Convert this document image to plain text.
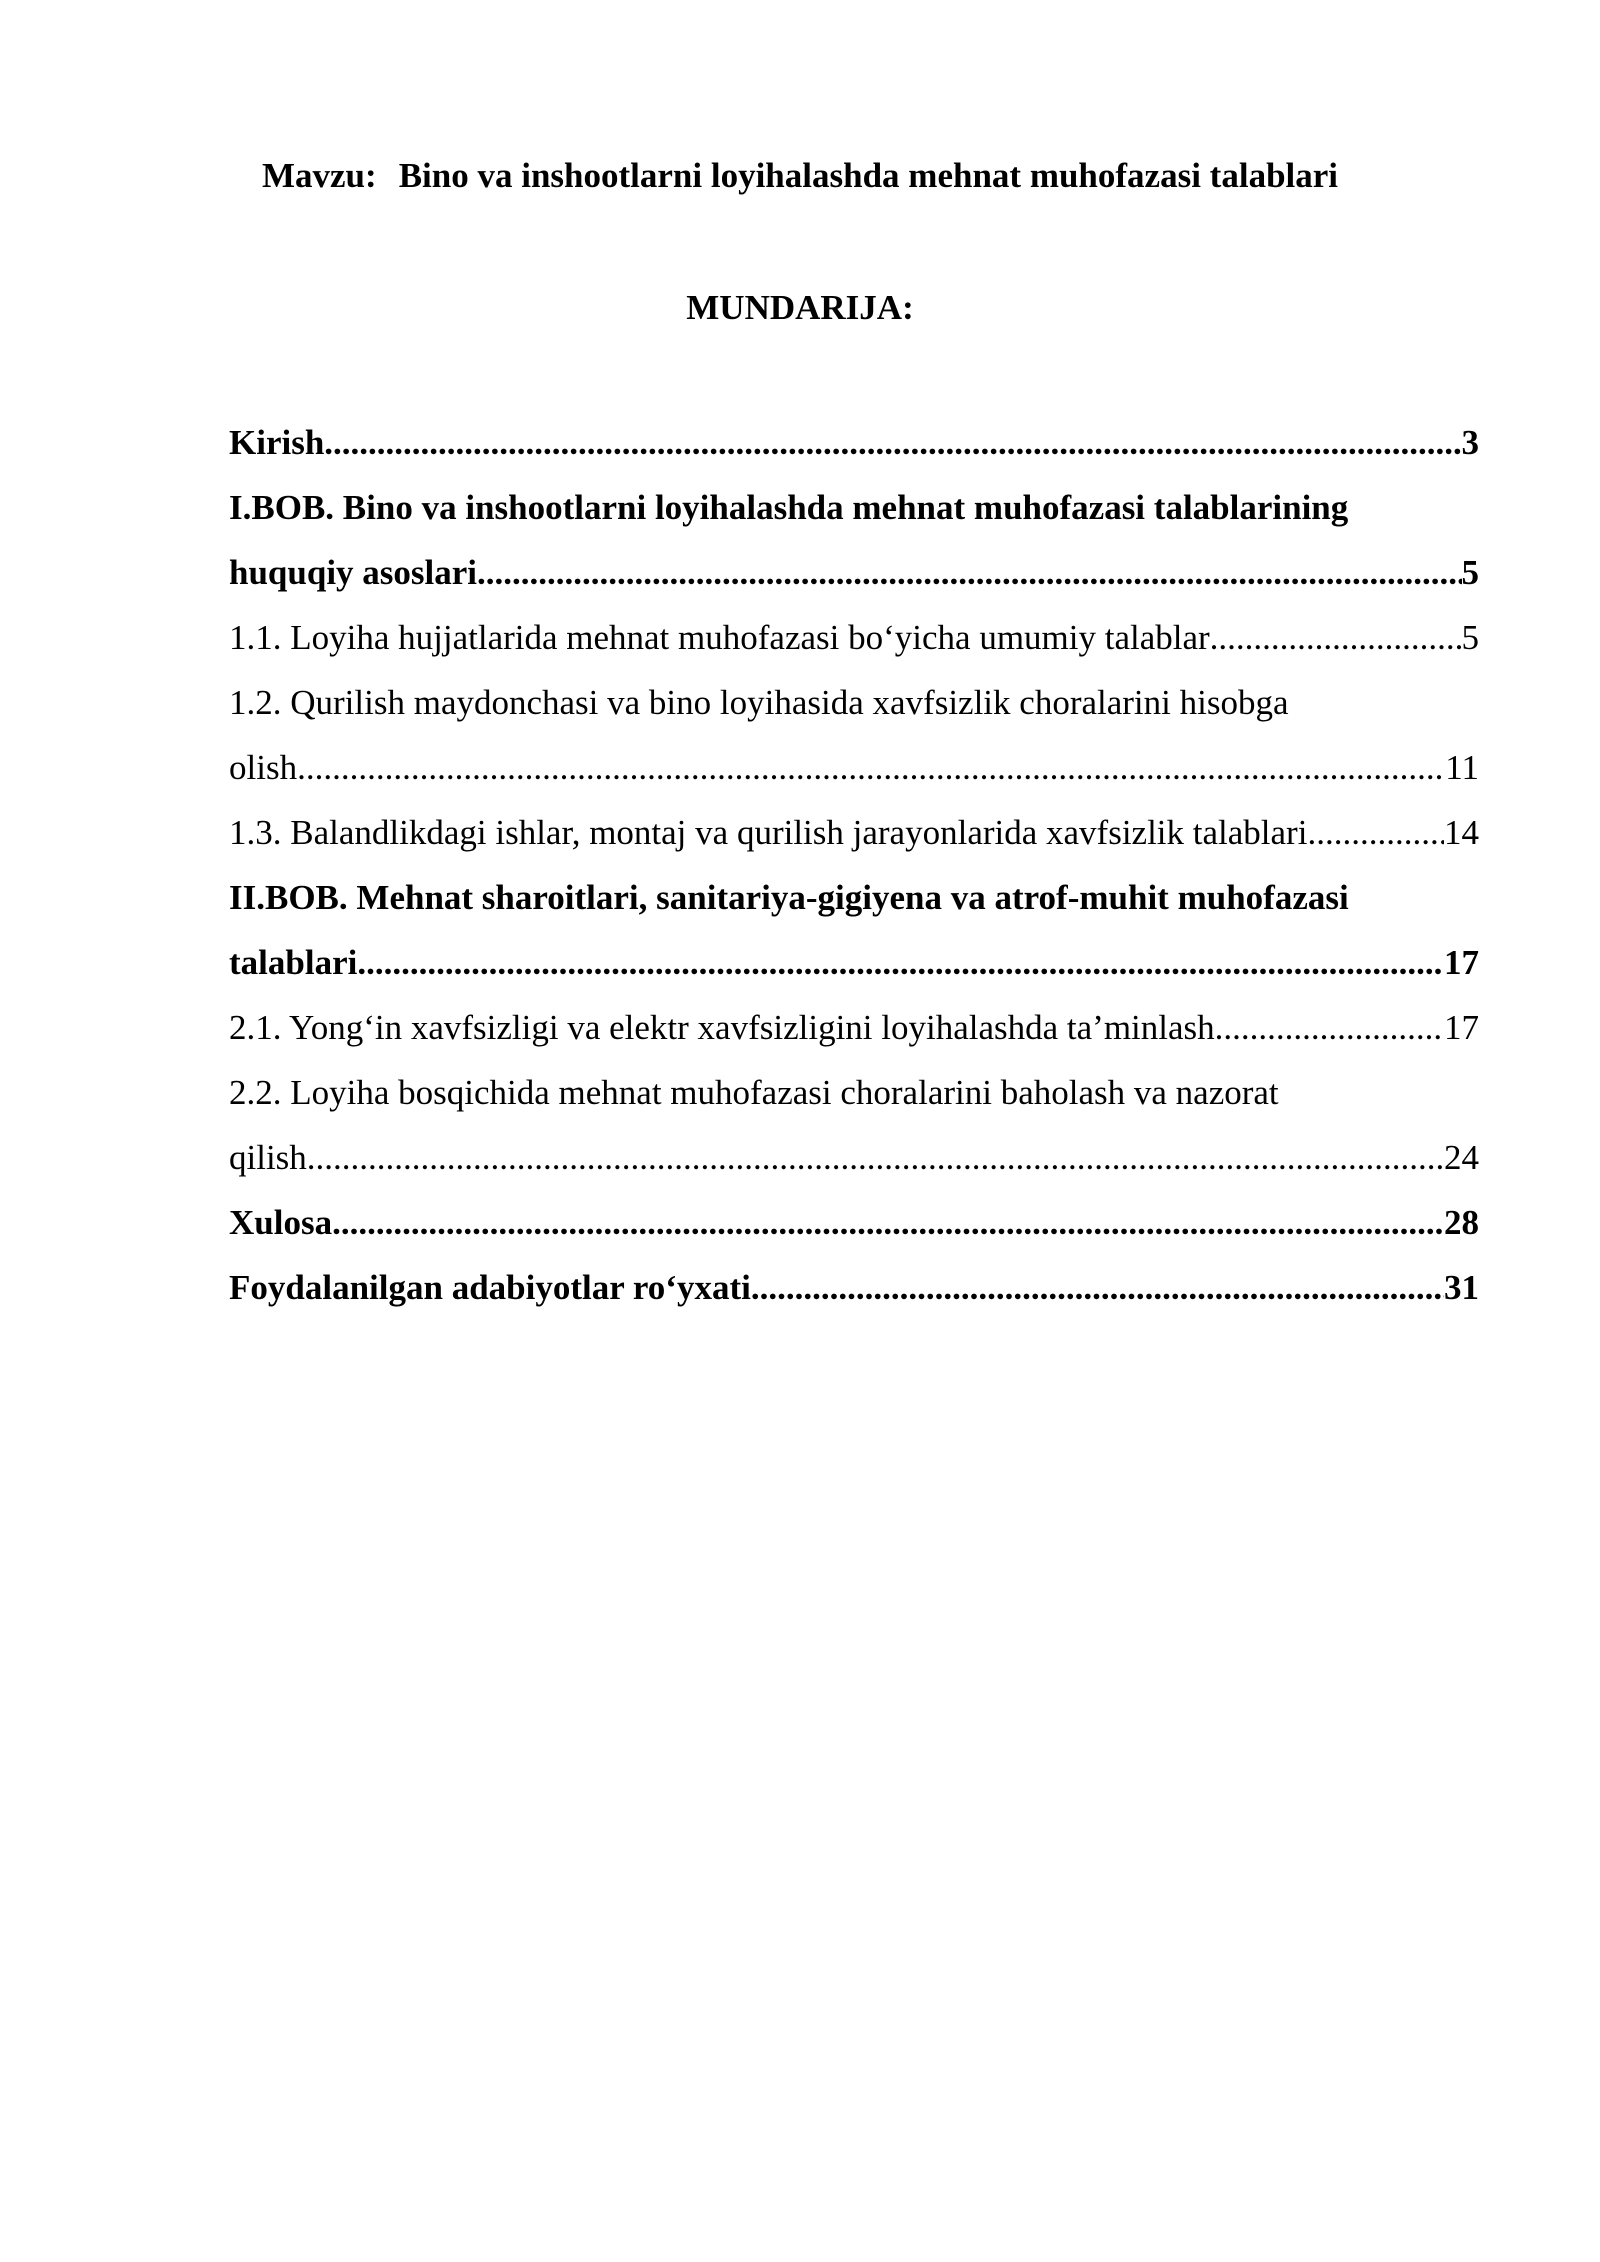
Mavzu: Bino va inshootlarni loyihalashda mehnat muhofazasi talablari
MUNDARIJA:
Kirish .....	3
I.BOB. Bino va inshootlarni loyihalashda mehnat muhofazasi talablarining
huquqiy asoslari .....	5
1.1. Loyiha hujjatlarida mehnat muhofazasi bo‘yicha umumiy talablar .....	5
1.2. Qurilish maydonchasi va bino loyihasida xavfsizlik choralarini hisobga
olish .....	11
1.3. Balandlikdagi ishlar, montaj va qurilish jarayonlarida xavfsizlik talablari .....	14
II.BOB. Mehnat sharoitlari, sanitariya-gigiyena va atrof-muhit muhofazasi
talablari .....	17
2.1. Yong‘in xavfsizligi va elektr xavfsizligini loyihalashda ta’minlash .....	17
2.2. Loyiha bosqichida mehnat muhofazasi choralarini baholash va nazorat
qilish .....	24
Xulosa .....	28
Foydalanilgan adabiyotlar ro‘yxati .....	31
